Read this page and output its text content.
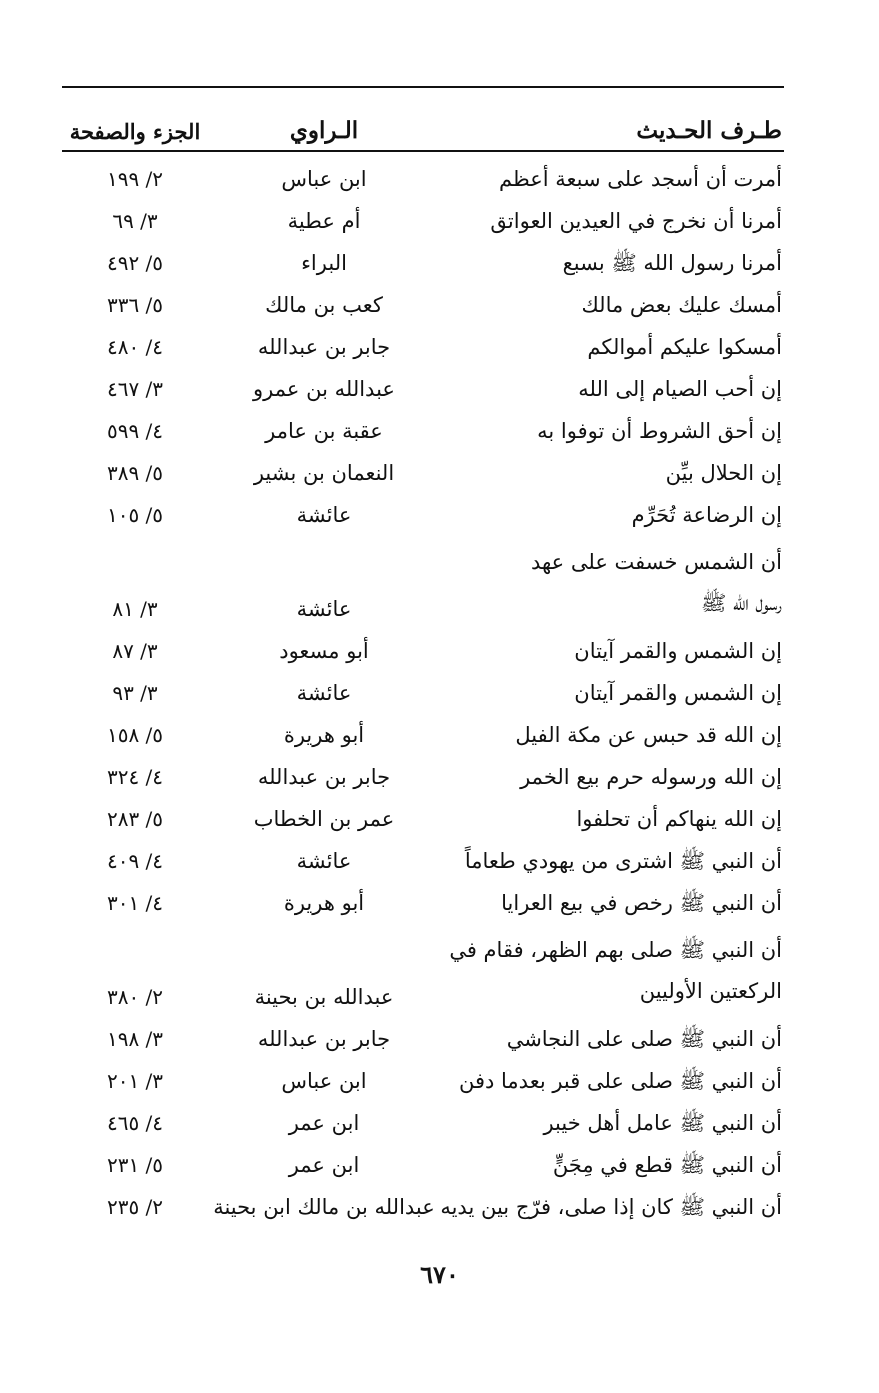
طـرف الحـديث
الـراوي
الجزء والصفحة
أمرت أن أسجد على سبعة أعظم
ابن عباس
٢/ ١٩٩
أمرنا أن نخرج في العيدين العواتق
أم عطية
٣/ ٦٩
أمرنا رسول الله ﷺ بسبع
البراء
٥/ ٤٩٢
أمسك عليك بعض مالك
كعب بن مالك
٥/ ٣٣٦
أمسكوا عليكم أموالكم
جابر بن عبدالله
٤/ ٤٨٠
إن أحب الصيام إلى الله
عبدالله بن عمرو
٣/ ٤٦٧
إن أحق الشروط أن توفوا به
عقبة بن عامر
٤/ ٥٩٩
إن الحلال بيِّن
النعمان بن بشير
٥/ ٣٨٩
إن الرضاعة تُحَرِّم
عائشة
٥/ ١٠٥
أن الشمس خسفت على عهد
رسول الله ﷺ
عائشة
٣/ ٨١
إن الشمس والقمر آيتان
أبو مسعود
٣/ ٨٧
إن الشمس والقمر آيتان
عائشة
٣/ ٩٣
إن الله قد حبس عن مكة الفيل
أبو هريرة
٥/ ١٥٨
إن الله ورسوله حرم بيع الخمر
جابر بن عبدالله
٤/ ٣٢٤
إن الله ينهاكم أن تحلفوا
عمر بن الخطاب
٥/ ٢٨٣
أن النبي ﷺ اشترى من يهودي طعاماً
عائشة
٤/ ٤٠٩
أن النبي ﷺ رخص في بيع العرايا
أبو هريرة
٤/ ٣٠١
أن النبي ﷺ صلى بهم الظهر، فقام في
الركعتين الأوليين
عبدالله بن بحينة
٢/ ٣٨٠
أن النبي ﷺ صلى على النجاشي
جابر بن عبدالله
٣/ ١٩٨
أن النبي ﷺ صلى على قبر بعدما دفن
ابن عباس
٣/ ٢٠١
أن النبي ﷺ عامل أهل خيبر
ابن عمر
٤/ ٤٦٥
أن النبي ﷺ قطع في مِجَنٍّ
ابن عمر
٥/ ٢٣١
أن النبي ﷺ كان إذا صلى، فرّج بين يديه
عبدالله بن مالك ابن بحينة
٢/ ٢٣٥
٦٧٠
